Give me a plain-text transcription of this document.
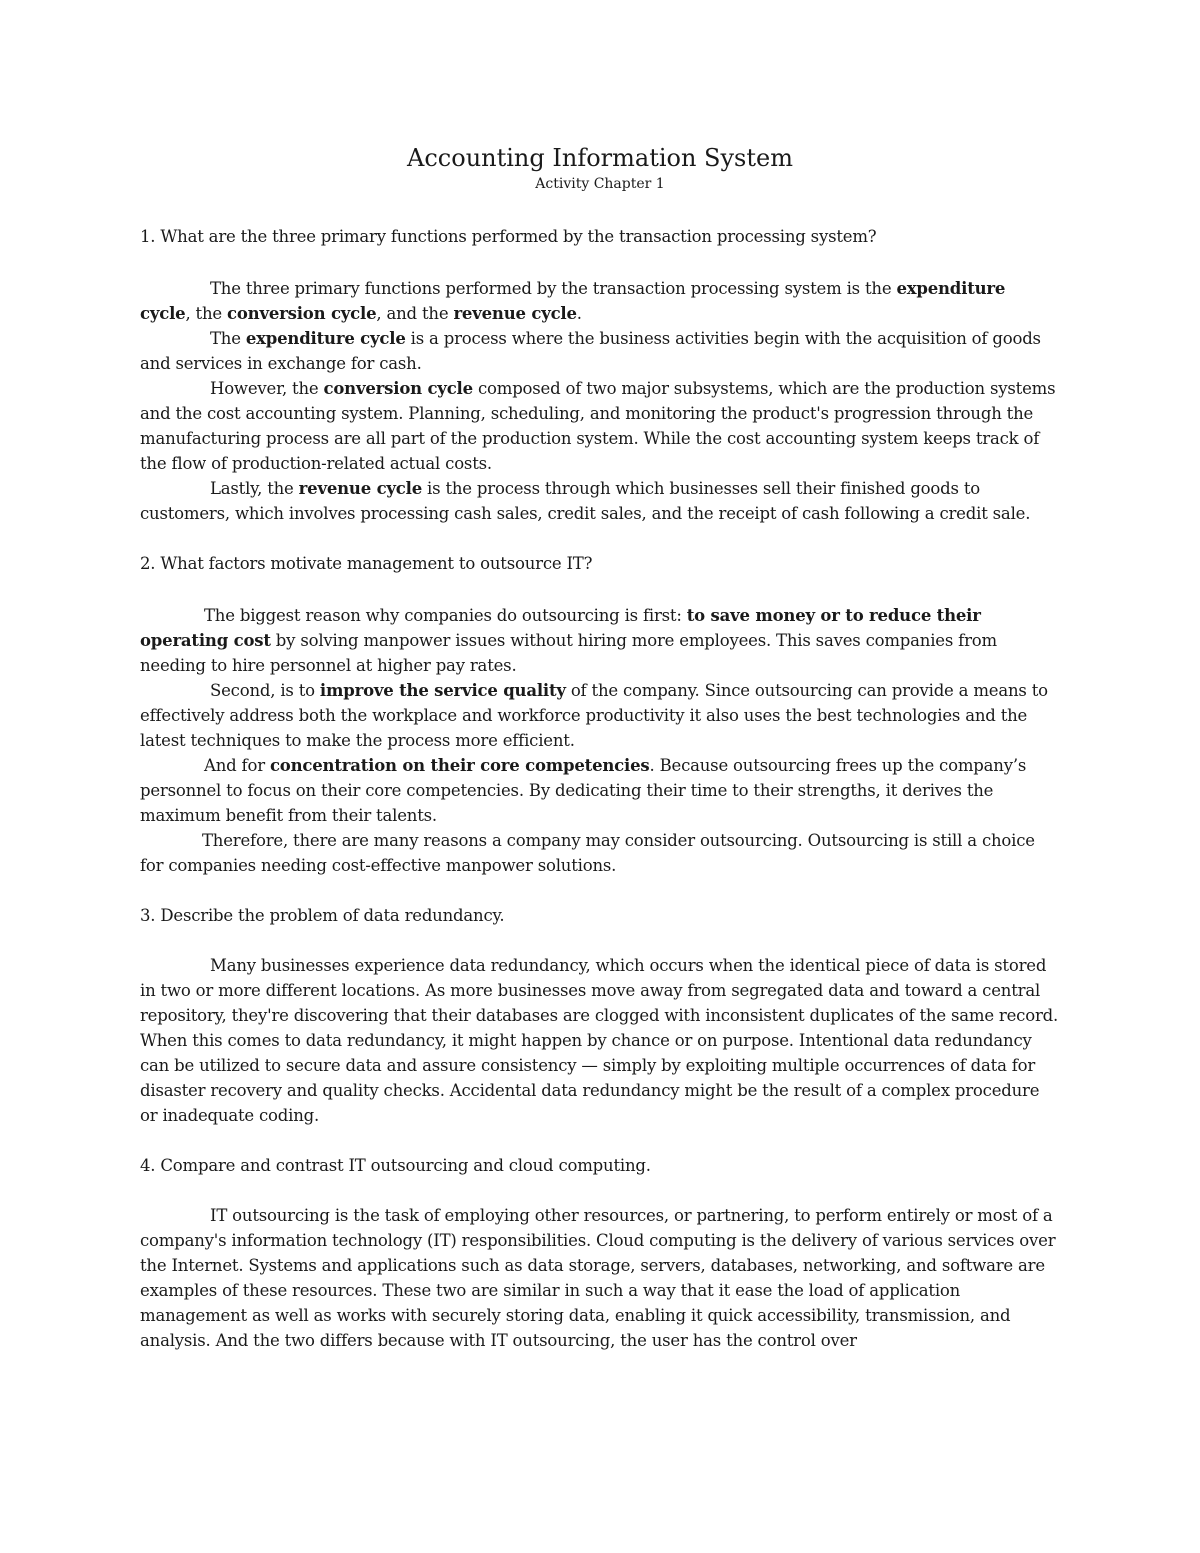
Accounting Information System

Activity Chapter 1

1. What are the three primary functions performed by the transaction processing system?

The three primary functions performed by the transaction processing system is the expenditure cycle, the conversion cycle, and the revenue cycle.

The expenditure cycle is a process where the business activities begin with the acquisition of goods and services in exchange for cash.

However, the conversion cycle composed of two major subsystems, which are the production systems and the cost accounting system. Planning, scheduling, and monitoring the product's progression through the manufacturing process are all part of the production system. While the cost accounting system keeps track of the flow of production-related actual costs.

Lastly, the revenue cycle is the process through which businesses sell their finished goods to customers, which involves processing cash sales, credit sales, and the receipt of cash following a credit sale.

2. What factors motivate management to outsource IT?

The biggest reason why companies do outsourcing is first: to save money or to reduce their operating cost by solving manpower issues without hiring more employees. This saves companies from needing to hire personnel at higher pay rates.

Second, is to improve the service quality of the company. Since outsourcing can provide a means to effectively address both the workplace and workforce productivity it also uses the best technologies and the latest techniques to make the process more efficient.

And for concentration on their core competencies. Because outsourcing frees up the company’s personnel to focus on their core competencies. By dedicating their time to their strengths, it derives the maximum benefit from their talents.

Therefore, there are many reasons a company may consider outsourcing. Outsourcing is still a choice for companies needing cost-effective manpower solutions.

3. Describe the problem of data redundancy.

Many businesses experience data redundancy, which occurs when the identical piece of data is stored in two or more different locations. As more businesses move away from segregated data and toward a central repository, they're discovering that their databases are clogged with inconsistent duplicates of the same record. When this comes to data redundancy, it might happen by chance or on purpose. Intentional data redundancy can be utilized to secure data and assure consistency — simply by exploiting multiple occurrences of data for disaster recovery and quality checks. Accidental data redundancy might be the result of a complex procedure or inadequate coding.

4. Compare and contrast IT outsourcing and cloud computing.

IT outsourcing is the task of employing other resources, or partnering, to perform entirely or most of a company's information technology (IT) responsibilities. Cloud computing is the delivery of various services over the Internet. Systems and applications such as data storage, servers, databases, networking, and software are examples of these resources. These two are similar in such a way that it ease the load of application management as well as works with securely storing data, enabling it quick accessibility, transmission, and analysis. And the two differs because with IT outsourcing, the user has the control over
